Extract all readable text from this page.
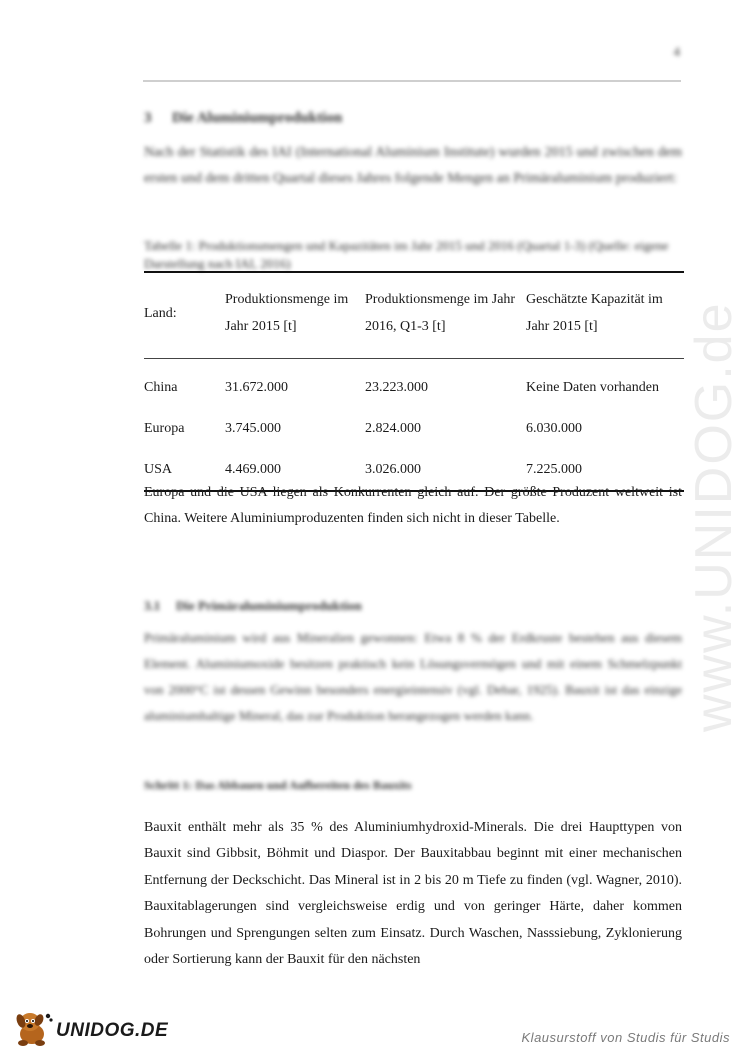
4
3 Die Aluminiumproduktion
Nach der Statistik des IAI (International Aluminium Institute) wurden 2015 und zwischen dem ersten und dem dritten Quartal dieses Jahres folgende Mengen an Primäraluminium produziert:
Tabelle 1: Produktionsmengen und Kapazitäten im Jahr 2015 und 2016 (Quartal 1-3) (Quelle: eigene Darstellung nach IAI, 2016)
Land:	Produktionsmenge im Jahr 2015 [t]	Produktionsmenge im Jahr 2016, Q1-3 [t]	Geschätzte Kapazität im Jahr 2015 [t]
China	31.672.000	23.223.000	Keine Daten vorhanden
Europa	3.745.000	2.824.000	6.030.000
USA	4.469.000	3.026.000	7.225.000
Europa und die USA liegen als Konkurrenten gleich auf. Der größte Produzent weltweit ist China. Weitere Aluminiumproduzenten finden sich nicht in dieser Tabelle.
3.1 Die Primäraluminiumproduktion
Primäraluminium wird aus Mineralien gewonnen: Etwa 8 % der Erdkruste bestehen aus diesem Element. Aluminiumoxide besitzen praktisch kein Lösungsvermögen und mit einem Schmelzpunkt von 2000°C ist dessen Gewinn besonders energieintensiv (vgl. Debar, 1925). Bauxit ist das einzige aluminiumhaltige Mineral, das zur Produktion herangezogen werden kann.
Schritt 1: Das Abbauen und Aufbereiten des Bauxits
Bauxit enthält mehr als 35 % des Aluminiumhydroxid-Minerals. Die drei Haupttypen von Bauxit sind Gibbsit, Böhmit und Diaspor. Der Bauxitabbau beginnt mit einer mechanischen Entfernung der Deckschicht. Das Mineral ist in 2 bis 20 m Tiefe zu finden (vgl. Wagner, 2010). Bauxitablagerungen sind vergleichsweise erdig und von geringer Härte, daher kommen Bohrungen und Sprengungen selten zum Einsatz. Durch Waschen, Nasssiebung, Zyklonierung oder Sortierung kann der Bauxit für den nächsten
www.UNIDOG.de
UNIDOG.DE	Klausurstoff von Studis für Studis
